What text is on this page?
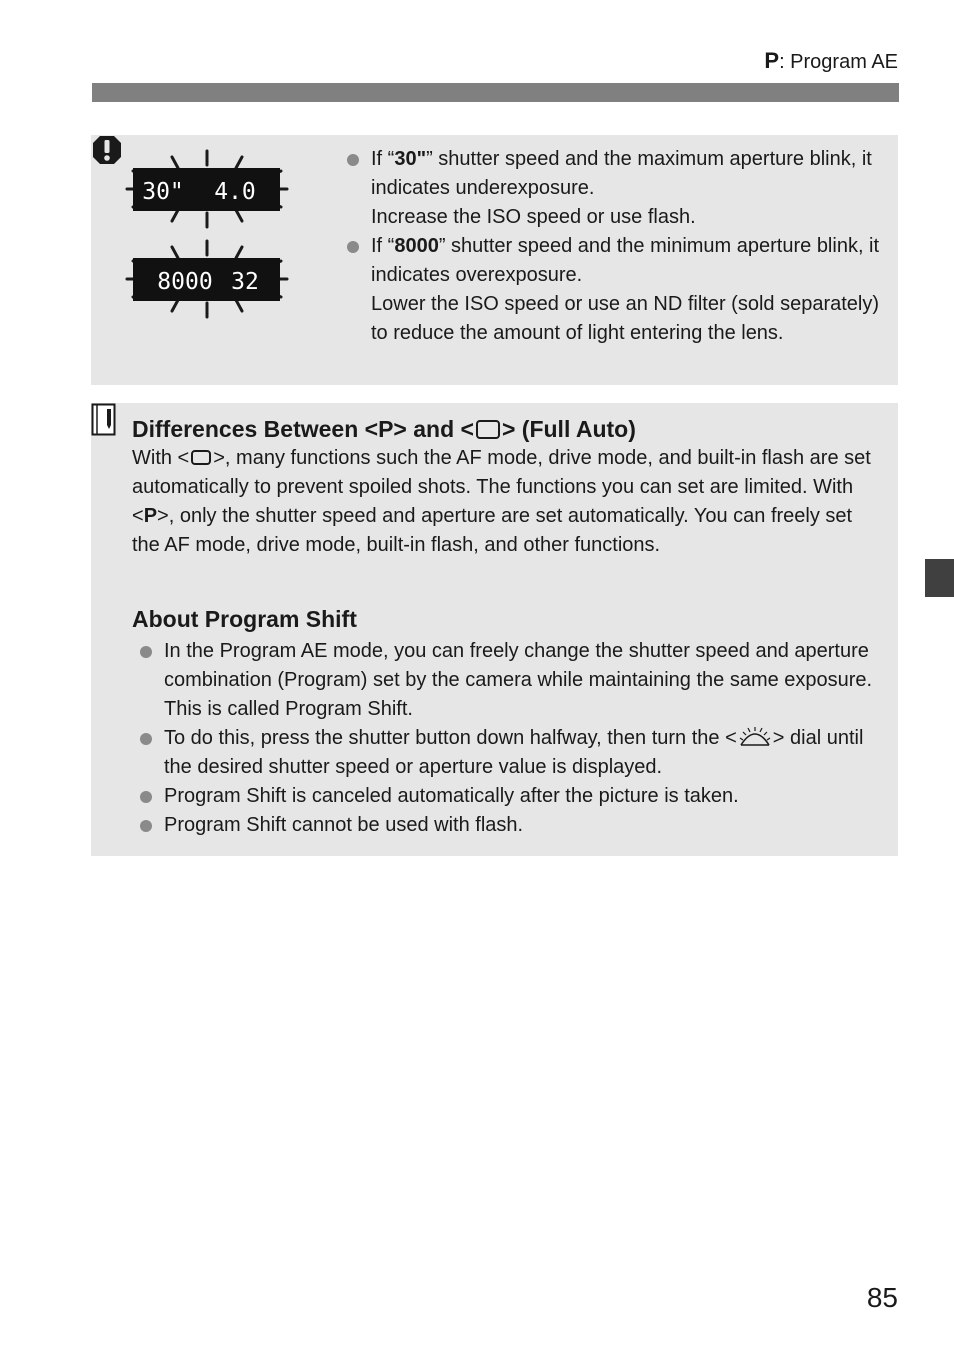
P: Program AE
30" 4.0
8000 32
If “30"” shutter speed and the maximum aperture blink, it indicates underexposure.
Increase the ISO speed or use flash.
If “8000” shutter speed and the minimum aperture blink, it indicates overexposure.
Lower the ISO speed or use an ND filter (sold separately) to reduce the amount of light entering the lens.
Differences Between <P> and < > (Full Auto)
With < >, many functions such the AF mode, drive mode, and built-in flash are set automatically to prevent spoiled shots. The functions you can set are limited. With <P>, only the shutter speed and aperture are set automatically. You can freely set the AF mode, drive mode, built-in flash, and other functions.
About Program Shift
In the Program AE mode, you can freely change the shutter speed and aperture combination (Program) set by the camera while maintaining the same exposure. This is called Program Shift.
To do this, press the shutter button down halfway, then turn the < > dial until the desired shutter speed or aperture value is displayed.
Program Shift is canceled automatically after the picture is taken.
Program Shift cannot be used with flash.
85
